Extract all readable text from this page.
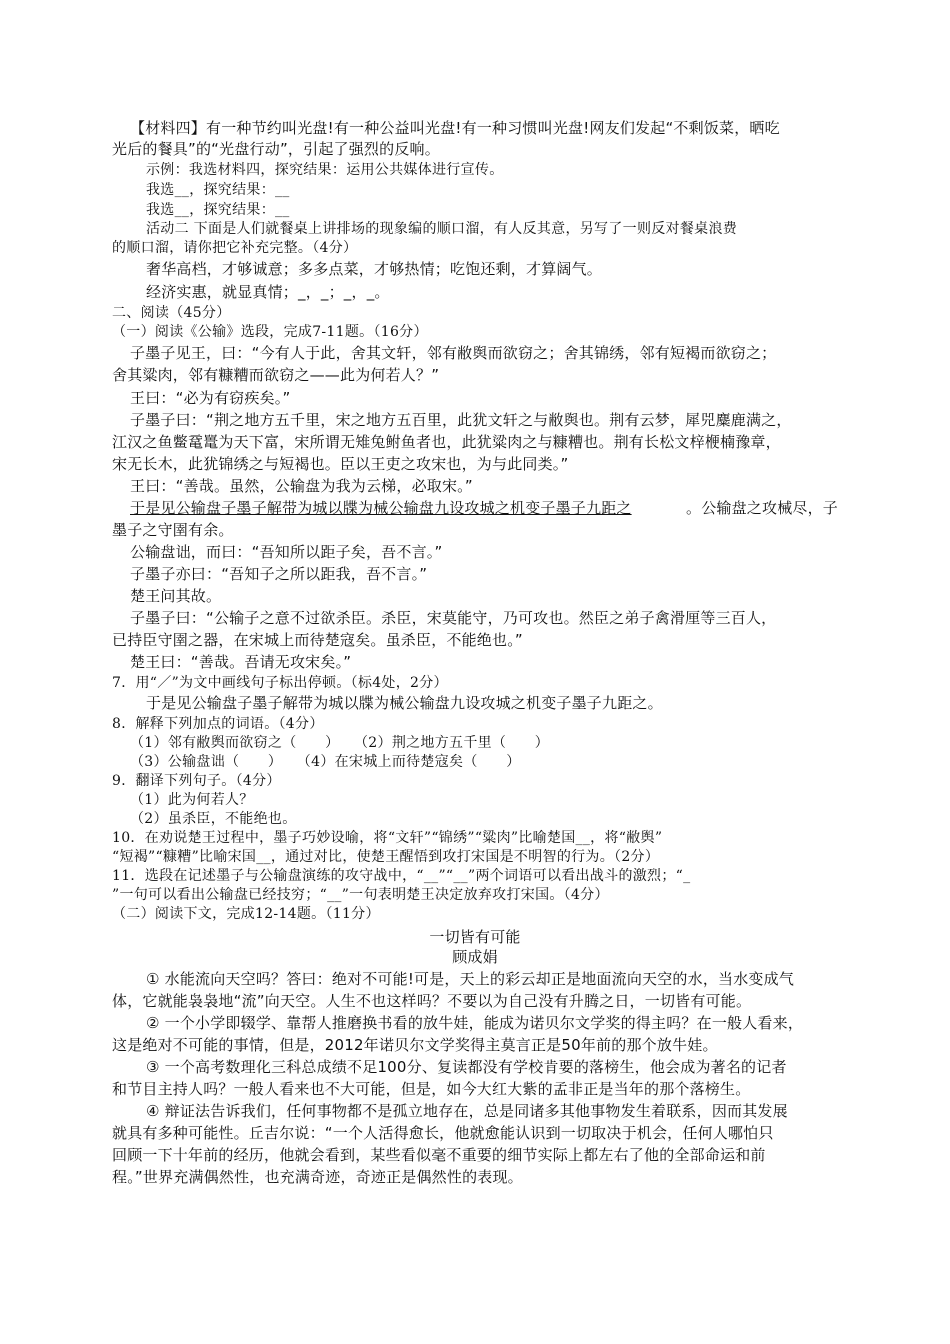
【材料四】有一种节约叫光盘!有一种公益叫光盘!有一种习惯叫光盘!网友们发起“不剩饭菜，晒吃

光后的餐具”的“光盘行动”，引起了强烈的反响。

示例：我选材料四，探究结果：运用公共媒体进行宣传。

我选__，探究结果：__

我选__，探究结果：__

活动二 下面是人们就餐桌上讲排场的现象编的顺口溜，有人反其意，另写了一则反对餐桌浪费

的顺口溜，请你把它补充完整。（4分）

奢华高档，才够诚意；多多点菜，才够热情；吃饱还剩，才算阔气。

经济实惠，就显真情；_，_；_，_。

二、阅读（45分）

（一）阅读《公输》选段，完成7-11题。（16分）

子墨子见王，曰：“今有人于此，舍其文轩，邻有敝舆而欲窃之；舍其锦绣，邻有短褐而欲窃之；

舍其粱肉，邻有糠糟而欲窃之——此为何若人？”

王曰：“必为有窃疾矣。”

子墨子曰：“荆之地方五千里，宋之地方五百里，此犹文轩之与敝舆也。荆有云梦，犀兕麋鹿满之，

江汉之鱼鳖鼋鼍为天下富，宋所谓无雉兔鲋鱼者也，此犹粱肉之与糠糟也。荆有长松文梓楩楠豫章，

宋无长木，此犹锦绣之与短褐也。臣以王吏之攻宋也，为与此同类。”

王曰：“善哉。虽然，公输盘为我为云梯，必取宋。”

于是见公输盘子墨子解带为城以牒为械公输盘九设攻城之机变子墨子九距之	。公输盘之攻械尽，子

墨子之守圉有余。

公输盘诎，而曰：“吾知所以距子矣，吾不言。”

子墨子亦曰：“吾知子之所以距我，吾不言。”

楚王问其故。

子墨子曰：“公输子之意不过欲杀臣。杀臣，宋莫能守，乃可攻也。然臣之弟子禽滑厘等三百人，

已持臣守圉之器，在宋城上而待楚寇矣。虽杀臣，不能绝也。”

楚王曰：“善哉。吾请无攻宋矣。”

7．用“／”为文中画线句子标出停顿。（标4处，2分）

于是见公输盘子墨子解带为城以牒为械公输盘九设攻城之机变子墨子九距之。

8．解释下列加点的词语。（4分）

（1）邻有敝舆而欲窃之（　　）　　（2）荆之地方五千里（　　）

（3）公输盘诎（　　）　　（4）在宋城上而待楚寇矣（　　）

9．翻译下列句子。（4分）

（1）此为何若人？

（2）虽杀臣，不能绝也。

10．在劝说楚王过程中，墨子巧妙设喻，将“文轩”“锦绣”“粱肉”比喻楚国__，将“敝舆”

“短褐”“糠糟”比喻宋国__，通过对比，使楚王醒悟到攻打宋国是不明智的行为。（2分）

11．选段在记述墨子与公输盘演练的攻守战中，“__”“__”两个词语可以看出战斗的激烈；“_

”一句可以看出公输盘已经技穷；“__”一句表明楚王决定放弃攻打宋国。（4分）

（二）阅读下文，完成12-14题。（11分）

一切皆有可能

顾成娟

① 水能流向天空吗？答曰：绝对不可能!可是，天上的彩云却正是地面流向天空的水，当水变成气

体，它就能袅袅地“流”向天空。人生不也这样吗？不要以为自己没有升腾之日，一切皆有可能。

② 一个小学即辍学、靠帮人推磨换书看的放牛娃，能成为诺贝尔文学奖的得主吗？在一般人看来，

这是绝对不可能的事情，但是，2012年诺贝尔文学奖得主莫言正是50年前的那个放牛娃。

③ 一个高考数理化三科总成绩不足100分、复读都没有学校肯要的落榜生，他会成为著名的记者

和节目主持人吗？一般人看来也不大可能，但是，如今大红大紫的孟非正是当年的那个落榜生。

④ 辩证法告诉我们，任何事物都不是孤立地存在，总是同诸多其他事物发生着联系，因而其发展

就具有多种可能性。丘吉尔说：“一个人活得愈长，他就愈能认识到一切取决于机会，任何人哪怕只

回顾一下十年前的经历，他就会看到，某些看似毫不重要的细节实际上都左右了他的全部命运和前

程。”世界充满偶然性，也充满奇迹，奇迹正是偶然性的表现。
